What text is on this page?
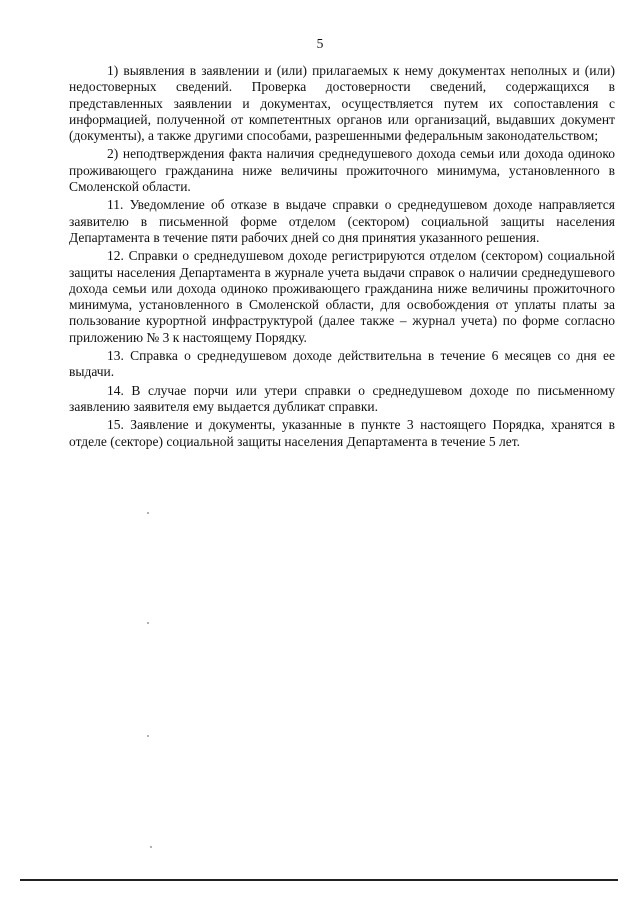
5

1) выявления в заявлении и (или) прилагаемых к нему документах неполных и (или) недостоверных сведений. Проверка достоверности сведений, содержащихся в представленных заявлении и документах, осуществляется путем их сопоставления с информацией, полученной от компетентных органов или организаций, выдавших документ (документы), а также другими способами, разрешенными федеральным законодательством;

2) неподтверждения факта наличия среднедушевого дохода семьи или дохода одиноко проживающего гражданина ниже величины прожиточного минимума, установленного в Смоленской области.

11. Уведомление об отказе в выдаче справки о среднедушевом доходе направляется заявителю в письменной форме отделом (сектором) социальной защиты населения Департамента в течение пяти рабочих дней со дня принятия указанного решения.

12. Справки о среднедушевом доходе регистрируются отделом (сектором) социальной защиты населения Департамента в журнале учета выдачи справок о наличии среднедушевого дохода семьи или дохода одиноко проживающего гражданина ниже величины прожиточного минимума, установленного в Смоленской области, для освобождения от уплаты платы за пользование курортной инфраструктурой (далее также – журнал учета) по форме согласно приложению № 3 к настоящему Порядку.

13. Справка о среднедушевом доходе действительна в течение 6 месяцев со дня ее выдачи.

14. В случае порчи или утери справки о среднедушевом доходе по письменному заявлению заявителя ему выдается дубликат справки.

15. Заявление и документы, указанные в пункте 3 настоящего Порядка, хранятся в отделе (секторе) социальной защиты населения Департамента в течение 5 лет.
